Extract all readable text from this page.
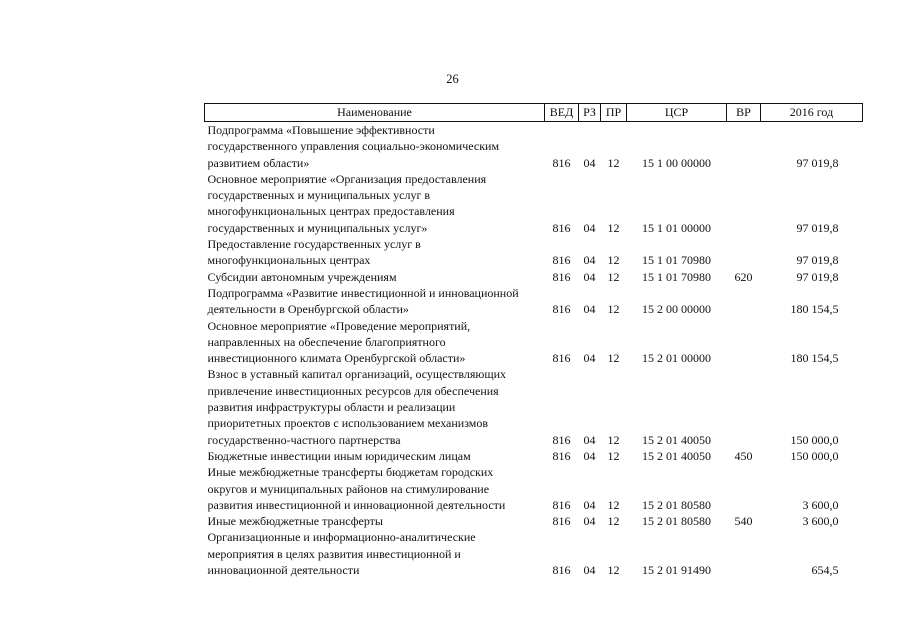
26
Наименование	ВЕД	РЗ	ПР	ЦСР	ВР	2016 год

Подпрограмма «Повышение эффективности
государственного управления социально-экономическим
развитием области»	816	04	12	15 1 00 00000		97 019,8

Основное мероприятие «Организация предоставления
государственных и муниципальных услуг в
многофункциональных центрах предоставления
государственных и муниципальных услуг»	816	04	12	15 1 01 00000		97 019,8

Предоставление государственных услуг в
многофункциональных центрах	816	04	12	15 1 01 70980		97 019,8

Субсидии автономным учреждениям	816	04	12	15 1 01 70980	620	97 019,8

Подпрограмма «Развитие инвестиционной и инновационной
деятельности в Оренбургской области»	816	04	12	15 2 00 00000		180 154,5

Основное мероприятие «Проведение мероприятий,
направленных на обеспечение благоприятного
инвестиционного климата Оренбургской области»	816	04	12	15 2 01 00000		180 154,5

Взнос в уставный капитал организаций, осуществляющих
привлечение инвестиционных ресурсов для обеспечения
развития инфраструктуры области и реализации
приоритетных проектов с использованием механизмов
государственно-частного партнерства	816	04	12	15 2 01 40050		150 000,0

Бюджетные инвестиции иным юридическим лицам	816	04	12	15 2 01 40050	450	150 000,0

Иные межбюджетные трансферты бюджетам городских
округов и муниципальных районов на стимулирование
развития инвестиционной и инновационной деятельности	816	04	12	15 2 01 80580		3 600,0

Иные межбюджетные трансферты	816	04	12	15 2 01 80580	540	3 600,0

Организационные и информационно-аналитические
мероприятия в целях развития инвестиционной и
инновационной деятельности	816	04	12	15 2 01 91490		654,5
